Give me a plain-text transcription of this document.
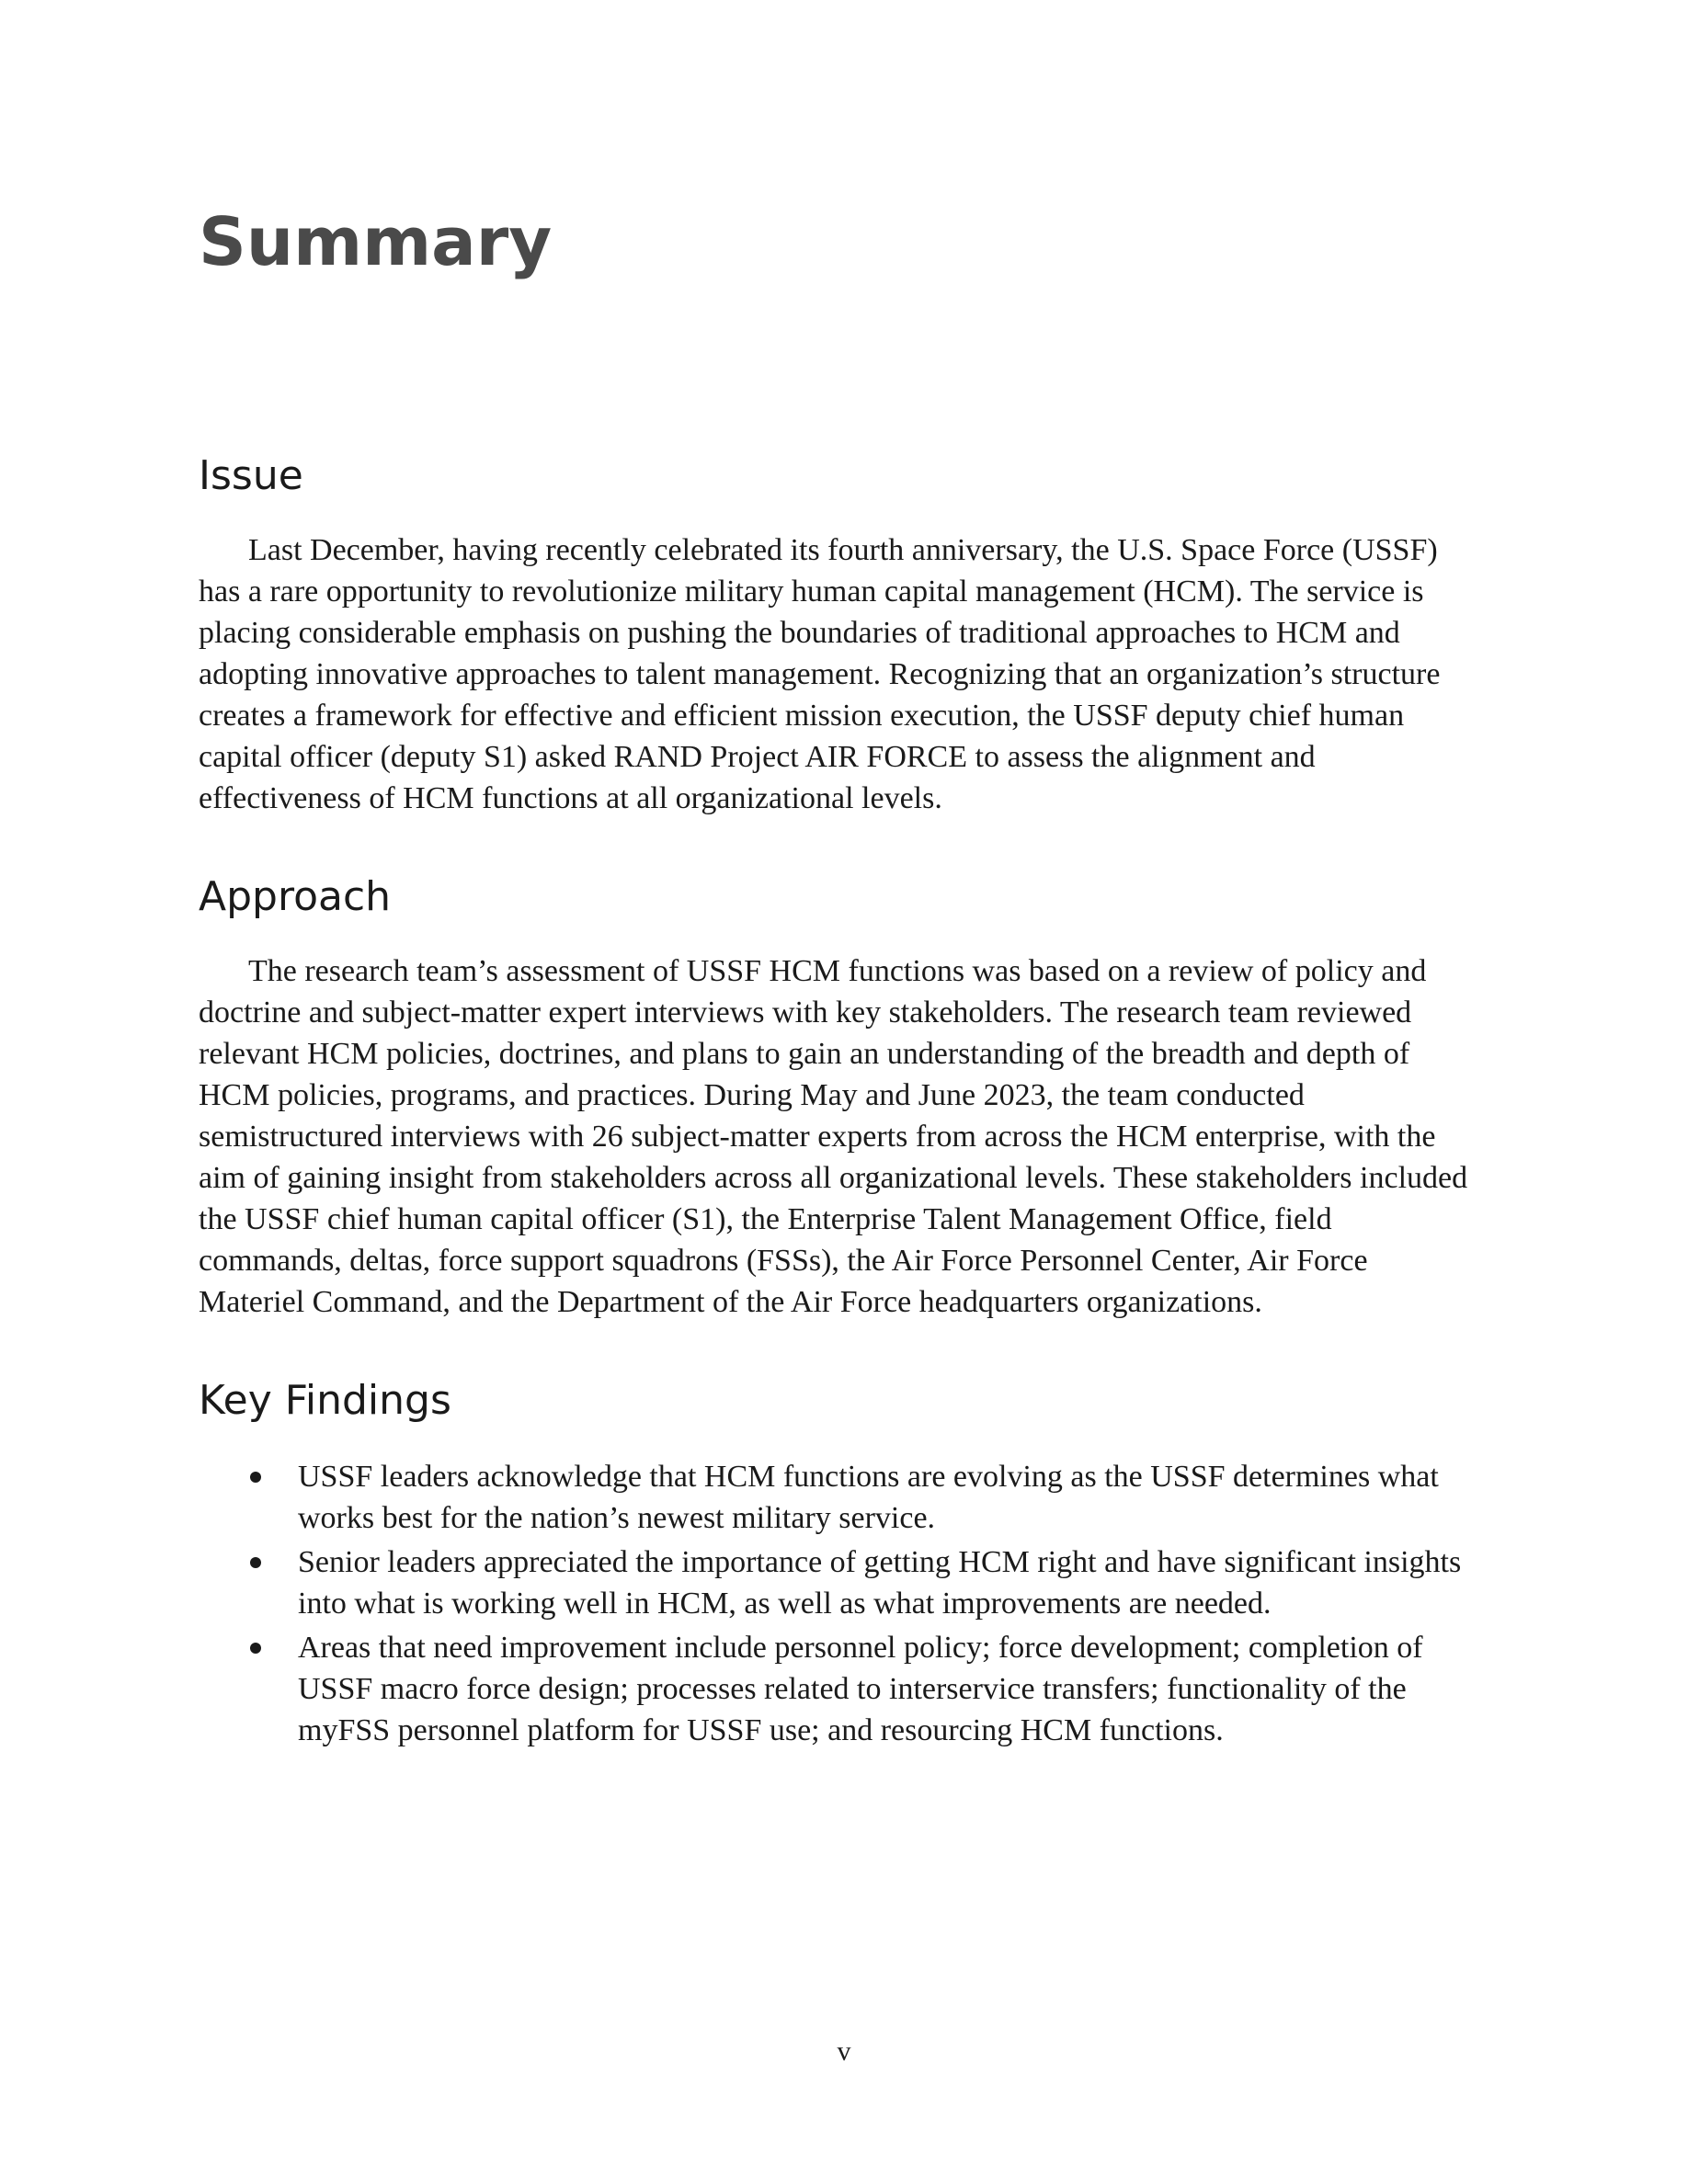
Summary
Issue

Last December, having recently celebrated its fourth anniversary, the U.S. Space Force (USSF)
has a rare opportunity to revolutionize military human capital management (HCM). The service is
placing considerable emphasis on pushing the boundaries of traditional approaches to HCM and
adopting innovative approaches to talent management. Recognizing that an organization’s structure
creates a framework for effective and efficient mission execution, the USSF deputy chief human
capital officer (deputy S1) asked RAND Project AIR FORCE to assess the alignment and
effectiveness of HCM functions at all organizational levels.

Approach

The research team’s assessment of USSF HCM functions was based on a review of policy and
doctrine and subject-matter expert interviews with key stakeholders. The research team reviewed
relevant HCM policies, doctrines, and plans to gain an understanding of the breadth and depth of
HCM policies, programs, and practices. During May and June 2023, the team conducted
semistructured interviews with 26 subject-matter experts from across the HCM enterprise, with the
aim of gaining insight from stakeholders across all organizational levels. These stakeholders included
the USSF chief human capital officer (S1), the Enterprise Talent Management Office, field
commands, deltas, force support squadrons (FSSs), the Air Force Personnel Center, Air Force
Materiel Command, and the Department of the Air Force headquarters organizations.

Key Findings
USSF leaders acknowledge that HCM functions are evolving as the USSF determines what
works best for the nation’s newest military service.
Senior leaders appreciated the importance of getting HCM right and have significant insights
into what is working well in HCM, as well as what improvements are needed.
Areas that need improvement include personnel policy; force development; completion of
USSF macro force design; processes related to interservice transfers; functionality of the
myFSS personnel platform for USSF use; and resourcing HCM functions.
v
